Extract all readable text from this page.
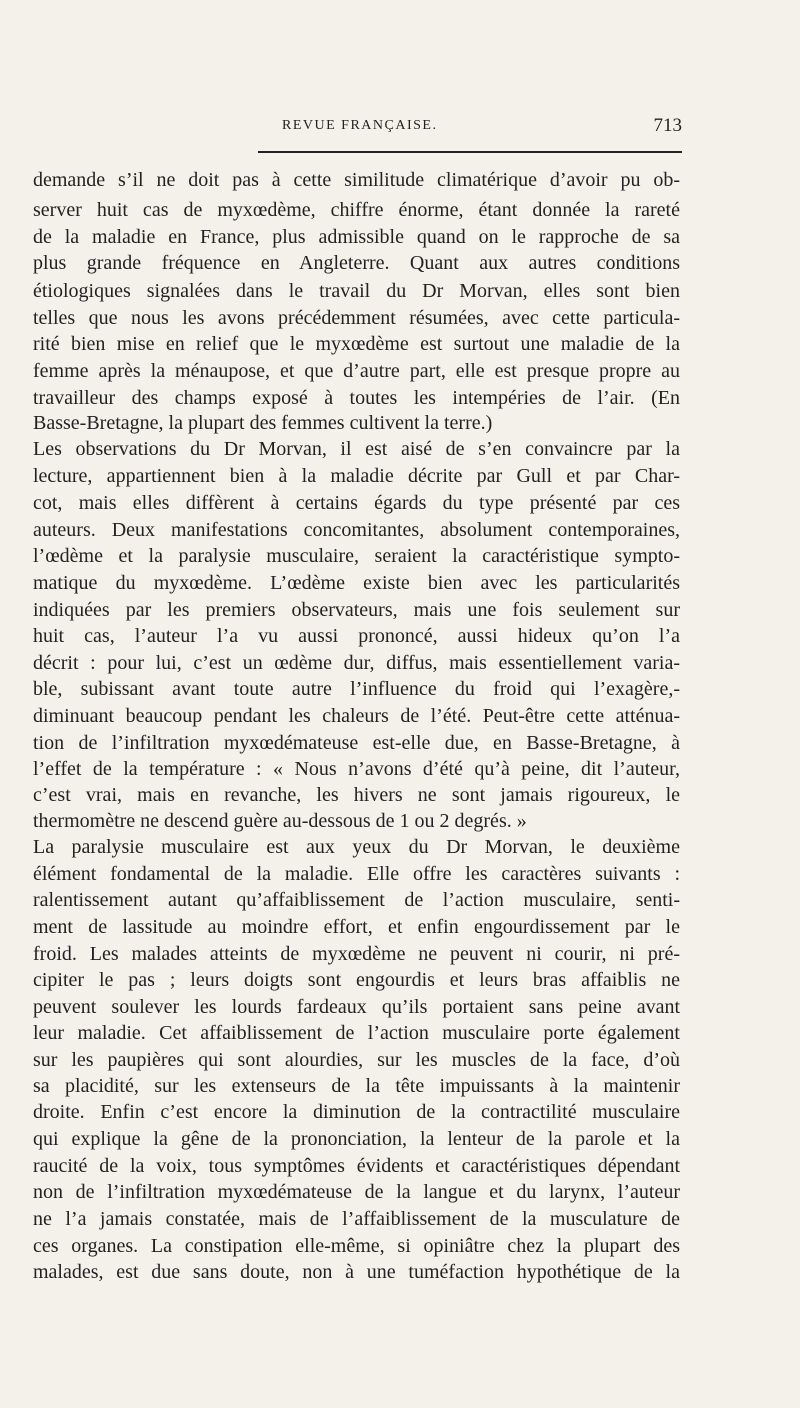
REVUE FRANÇAISE.	713
demande s’il ne doit pas à cette similitude climatérique d’avoir pu ob-
server huit cas de myxœdème, chiffre énorme, étant donnée la rareté
de la maladie en France, plus admissible quand on le rapproche de sa
plus grande fréquence en Angleterre. Quant aux autres conditions
étiologiques signalées dans le travail du Dr Morvan, elles sont bien
telles que nous les avons précédemment résumées, avec cette particula-
rité bien mise en relief que le myxœdème est surtout une maladie de la
femme après la ménaupose, et que d’autre part, elle est presque propre au
travailleur des champs exposé à toutes les intempéries de l’air. (En
Basse-Bretagne, la plupart des femmes cultivent la terre.)
Les observations du Dr Morvan, il est aisé de s’en convaincre par la
lecture, appartiennent bien à la maladie décrite par Gull et par Char-
cot, mais elles diffèrent à certains égards du type présenté par ces
auteurs. Deux manifestations concomitantes, absolument contemporaines,
l’œdème et la paralysie musculaire, seraient la caractéristique sympto-
matique du myxœdème. L’œdème existe bien avec les particularités
indiquées par les premiers observateurs, mais une fois seulement sur
huit cas, l’auteur l’a vu aussi prononcé, aussi hideux qu’on l’a
décrit : pour lui, c’est un œdème dur, diffus, mais essentiellement varia-
ble, subissant avant toute autre l’influence du froid qui l’exagère,-
diminuant beaucoup pendant les chaleurs de l’été. Peut-être cette atténua-
tion de l’infiltration myxœdémateuse est-elle due, en Basse-Bretagne, à
l’effet de la température : « Nous n’avons d’été qu’à peine, dit l’auteur,
c’est vrai, mais en revanche, les hivers ne sont jamais rigoureux, le
thermomètre ne descend guère au-dessous de 1 ou 2 degrés. »
La paralysie musculaire est aux yeux du Dr Morvan, le deuxième
élément fondamental de la maladie. Elle offre les caractères suivants :
ralentissement autant qu’affaiblissement de l’action musculaire, senti-
ment de lassitude au moindre effort, et enfin engourdissement par le
froid. Les malades atteints de myxœdème ne peuvent ni courir, ni pré-
cipiter le pas ; leurs doigts sont engourdis et leurs bras affaiblis ne
peuvent soulever les lourds fardeaux qu’ils portaient sans peine avant
leur maladie. Cet affaiblissement de l’action musculaire porte également
sur les paupières qui sont alourdies, sur les muscles de la face, d’où
sa placidité, sur les extenseurs de la tête impuissants à la maintenir
droite. Enfin c’est encore la diminution de la contractilité musculaire
qui explique la gêne de la prononciation, la lenteur de la parole et la
raucité de la voix, tous symptômes évidents et caractéristiques dépendant
non de l’infiltration myxœdémateuse de la langue et du larynx, l’auteur
ne l’a jamais constatée, mais de l’affaiblissement de la musculature de
ces organes. La constipation elle-même, si opiniâtre chez la plupart des
malades, est due sans doute, non à une tuméfaction hypothétique de la
